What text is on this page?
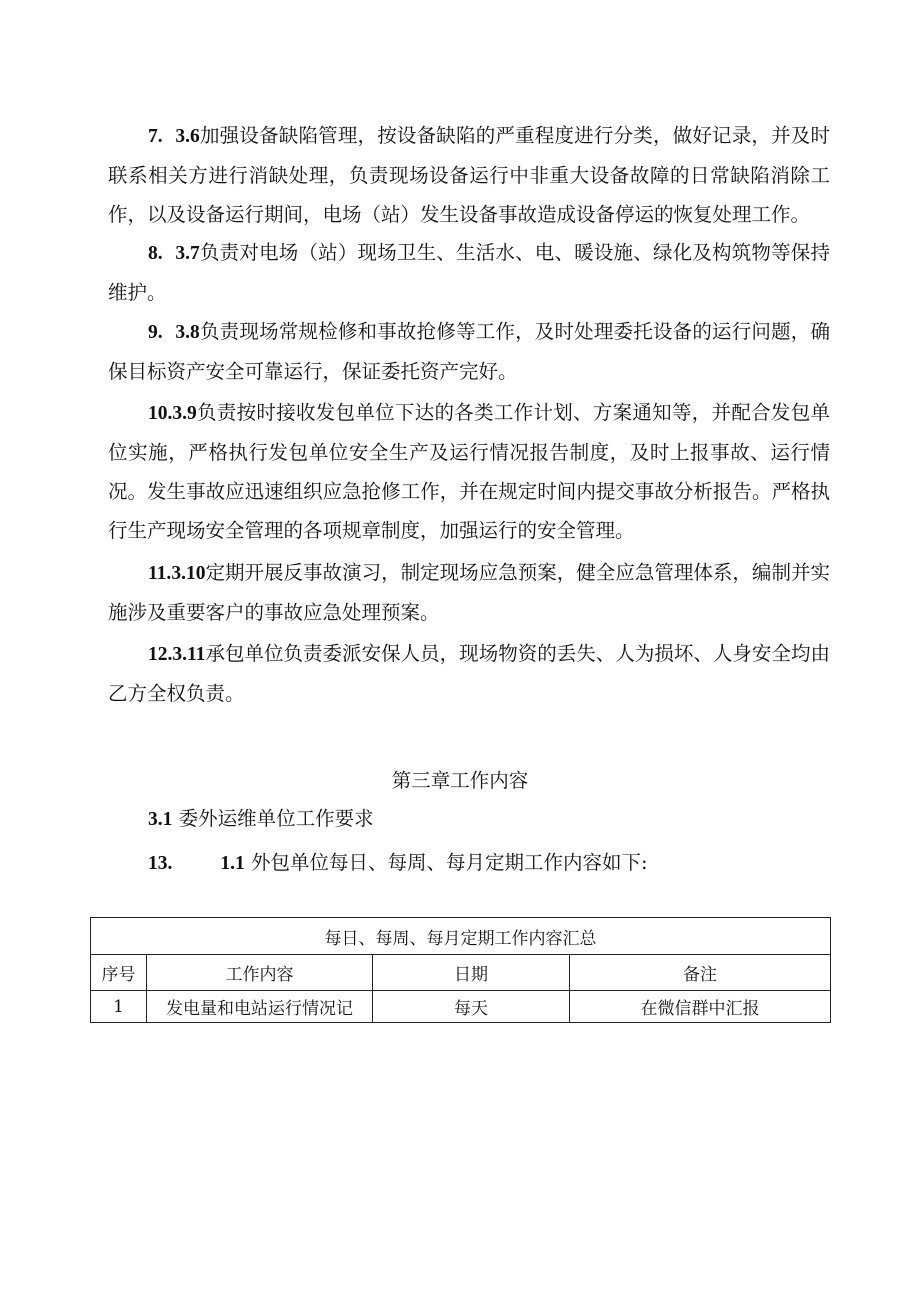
7. 3.6加强设备缺陷管理，按设备缺陷的严重程度进行分类，做好记录，并及时联系相关方进行消缺处理，负责现场设备运行中非重大设备故障的日常缺陷消除工作，以及设备运行期间，电场（站）发生设备事故造成设备停运的恢复处理工作。

8. 3.7负责对电场（站）现场卫生、生活水、电、暖设施、绿化及构筑物等保持维护。

9. 3.8负责现场常规检修和事故抢修等工作，及时处理委托设备的运行问题，确保目标资产安全可靠运行，保证委托资产完好。

10.3.9负责按时接收发包单位下达的各类工作计划、方案通知等，并配合发包单位实施，严格执行发包单位安全生产及运行情况报告制度，及时上报事故、运行情况。发生事故应迅速组织应急抢修工作，并在规定时间内提交事故分析报告。严格执行生产现场安全管理的各项规章制度，加强运行的安全管理。

11.3.10定期开展反事故演习，制定现场应急预案，健全应急管理体系，编制并实施涉及重要客户的事故应急处理预案。

12.3.11承包单位负责委派安保人员，现场物资的丢失、人为损坏、人身安全均由乙方全权负责。

第三章工作内容

3.1 委外运维单位工作要求

13. 1.1 外包单位每日、每周、每月定期工作内容如下:

每日、每周、每月定期工作内容汇总			
序号	工作内容	日期	备注
1	发电量和电站运行情况记	每天	在微信群中汇报
